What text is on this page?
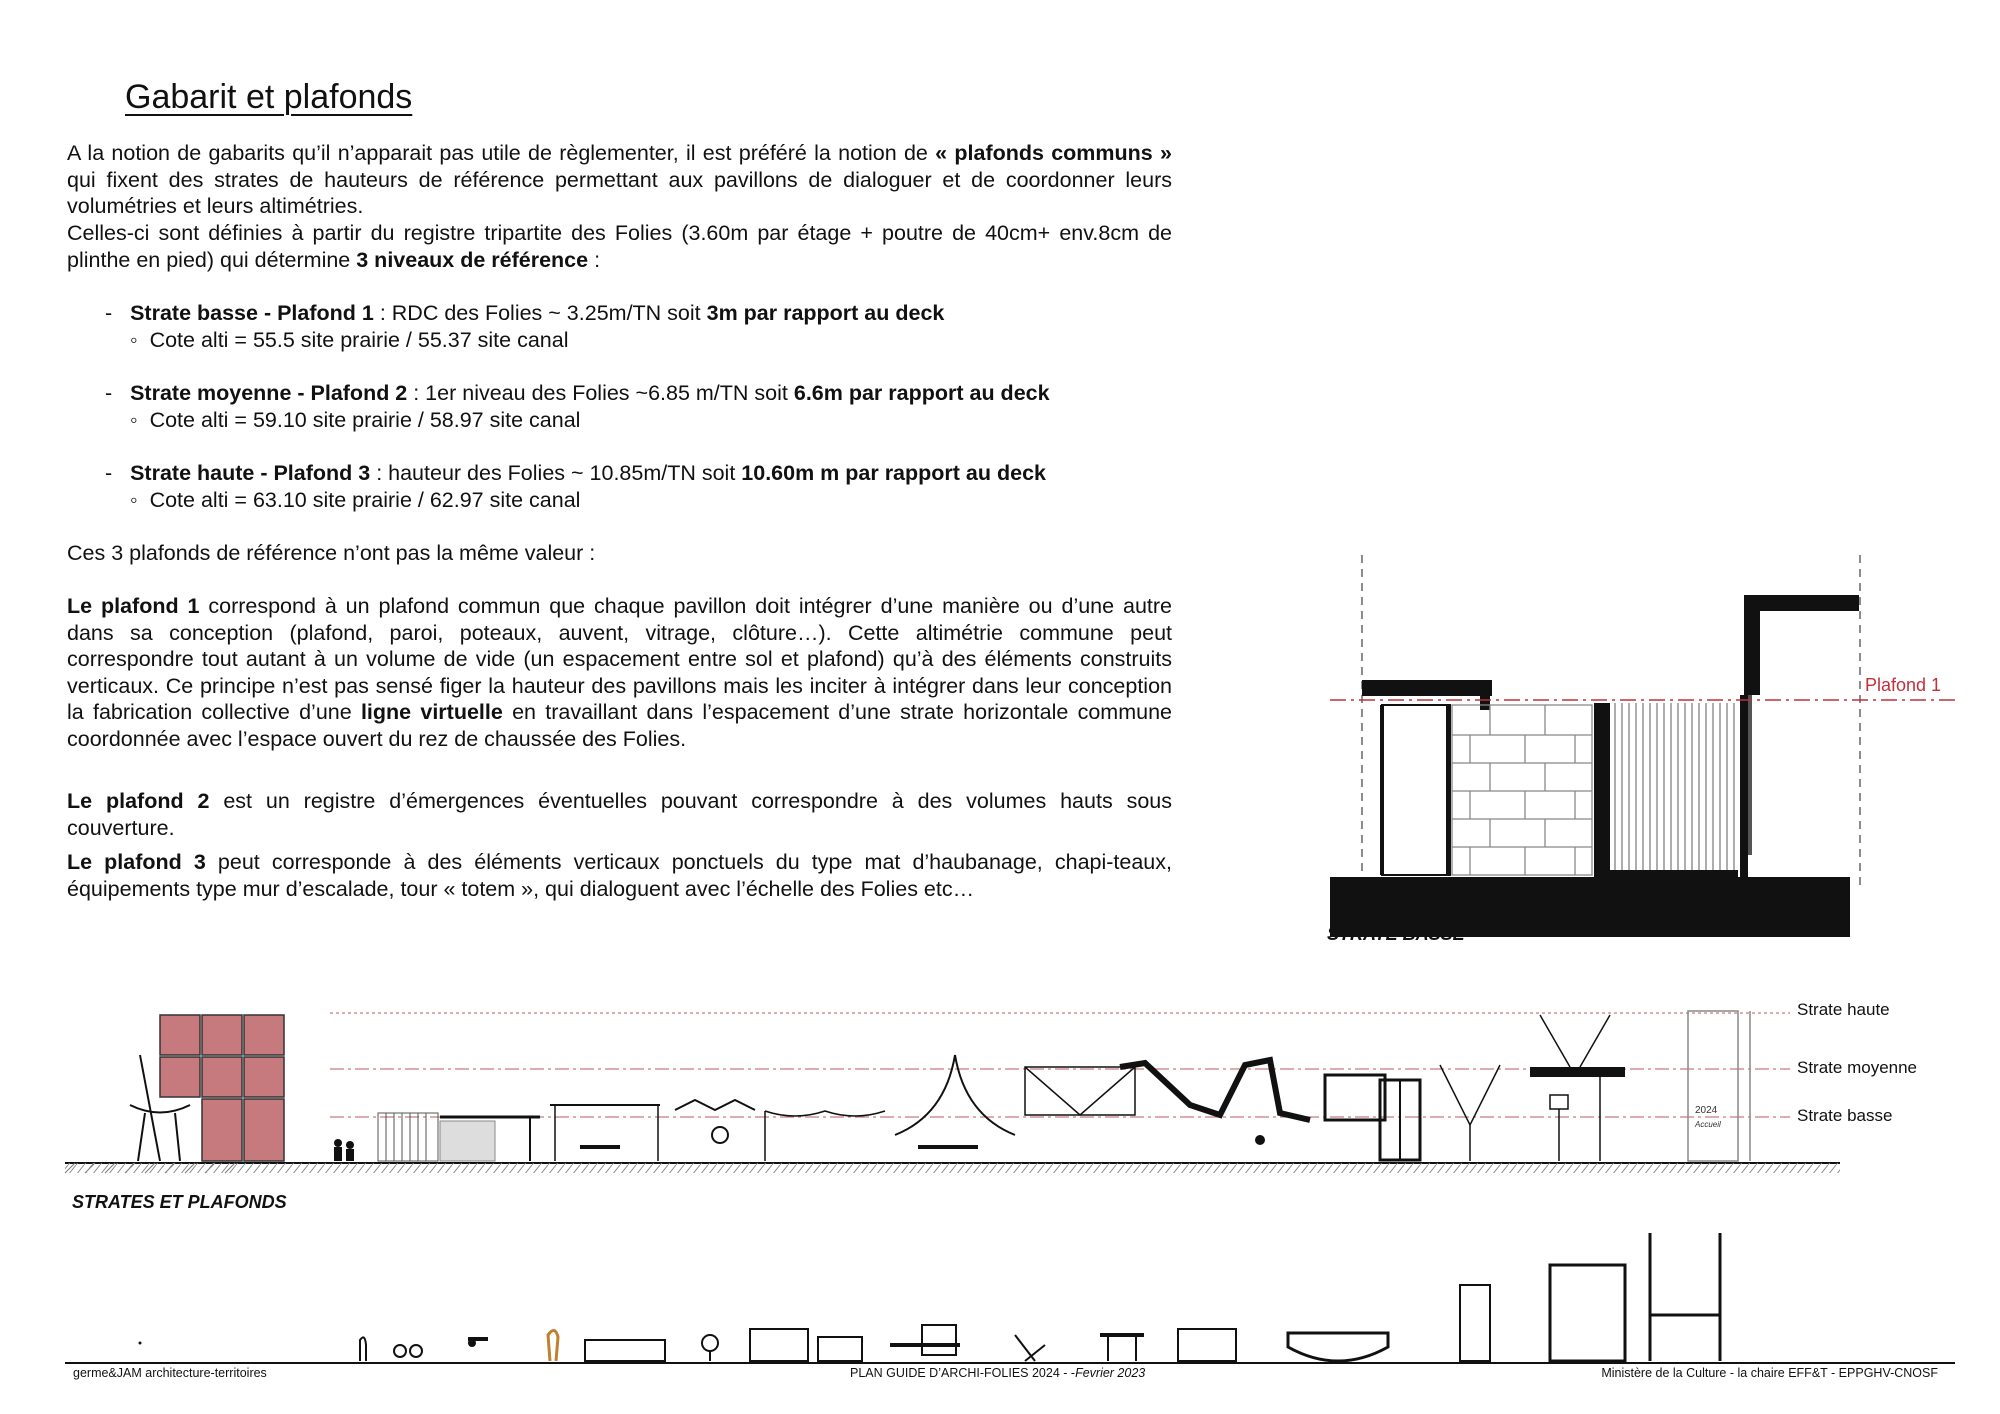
Gabarit et plafonds

A la notion de gabarits qu’il n’apparait pas utile de règlementer, il est préféré la notion de « plafonds communs » qui fixent des strates de hauteurs de référence permettant aux pavillons de dialoguer et de coordonner leurs volumétries et leurs altimétries.

Celles-ci sont définies à partir du registre tripartite des Folies (3.60m par étage + poutre de 40cm+ env.8cm de plinthe en pied) qui détermine 3 niveaux de référence :

- Strate basse - Plafond 1 : RDC des Folies ~ 3.25m/TN soit 3m par rapport au deck
◦ Cote alti = 55.5 site prairie / 55.37 site canal
- Strate moyenne - Plafond 2 : 1er niveau des Folies ~6.85 m/TN soit 6.6m par rapport au deck
◦ Cote alti = 59.10 site prairie / 58.97 site canal
- Strate haute - Plafond 3 : hauteur des Folies ~ 10.85m/TN soit 10.60m m par rapport au deck
◦ Cote alti = 63.10 site prairie / 62.97 site canal

Ces 3 plafonds de référence n’ont pas la même valeur :

Le plafond 1 correspond à un plafond commun que chaque pavillon doit intégrer d’une manière ou d’une autre dans sa conception (plafond, paroi, poteaux, auvent, vitrage, clôture…). Cette altimétrie commune peut correspondre tout autant à un volume de vide (un espacement entre sol et plafond) qu’à des éléments construits verticaux. Ce principe n’est pas sensé figer la hauteur des pavillons mais les inciter à intégrer dans leur conception la fabrication collective d’une ligne virtuelle en travaillant dans l’espacement d’une strate horizontale commune coordonnée avec l’espace ouvert du rez de chaussée des Folies.

Le plafond 2 est un registre d’émergences éventuelles pouvant correspondre à des volumes hauts sous couverture.

Le plafond 3 peut corresponde à des éléments verticaux ponctuels du type mat d’haubanage, chapi-teaux, équipements type mur d’escalade, tour « totem », qui dialoguent avec l’échelle des Folies etc…

Plafond 1
STRATE BASSE
2024
Accueil
Strate haute
Strate moyenne
Strate basse
STRATES ET PLAFONDS
germe&JAM architecture-territoires	PLAN GUIDE D’ARCHI-FOLIES 2024 - -Fevrier 2023	Ministère de la Culture - la chaire EFF&T - EPPGHV-CNOSF
